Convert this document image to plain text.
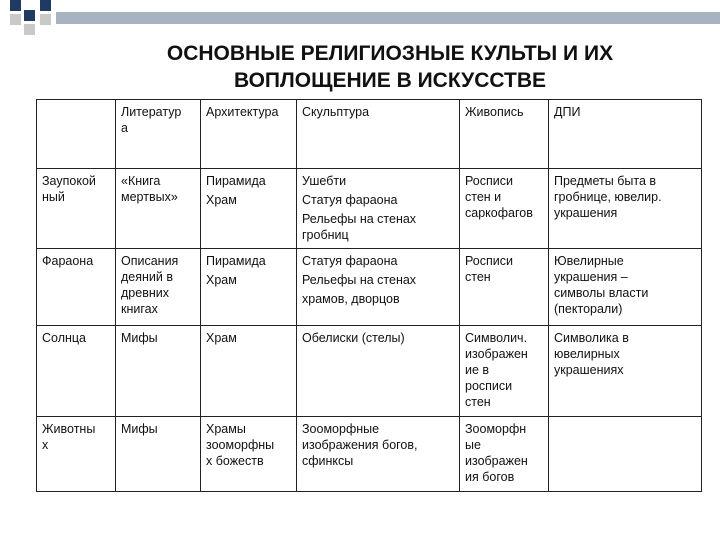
ОСНОВНЫЕ РЕЛИГИОЗНЫЕ КУЛЬТЫ И ИХ
ВОПЛОЩЕНИЕ В ИСКУССТВЕ
	Литератур
а	Архитектура	Скульптура	Живопись	ДПИ
Заупокой
ный	«Книга
мертвых»	Пирамида
Храм	Ушебти
Статуя фараона
Рельефы на стенах
гробниц	Росписи
стен и
саркофагов	Предметы быта в
гробнице, ювелир.
украшения
Фараона	Описания
деяний в
древних
книгах	Пирамида
Храм	Статуя фараона
Рельефы на стенах
храмов, дворцов	Росписи
стен	Ювелирные
украшения –
символы власти
(пекторали)
Солнца	Мифы	Храм	Обелиски (стелы)	Символич.
изображен
ие в
росписи
стен	Символика в
ювелирных
украшениях
Животны
х	Мифы	Храмы
зооморфны
х божеств	Зооморфные
изображения богов,
сфинксы	Зооморфн
ые
изображен
ия богов	
